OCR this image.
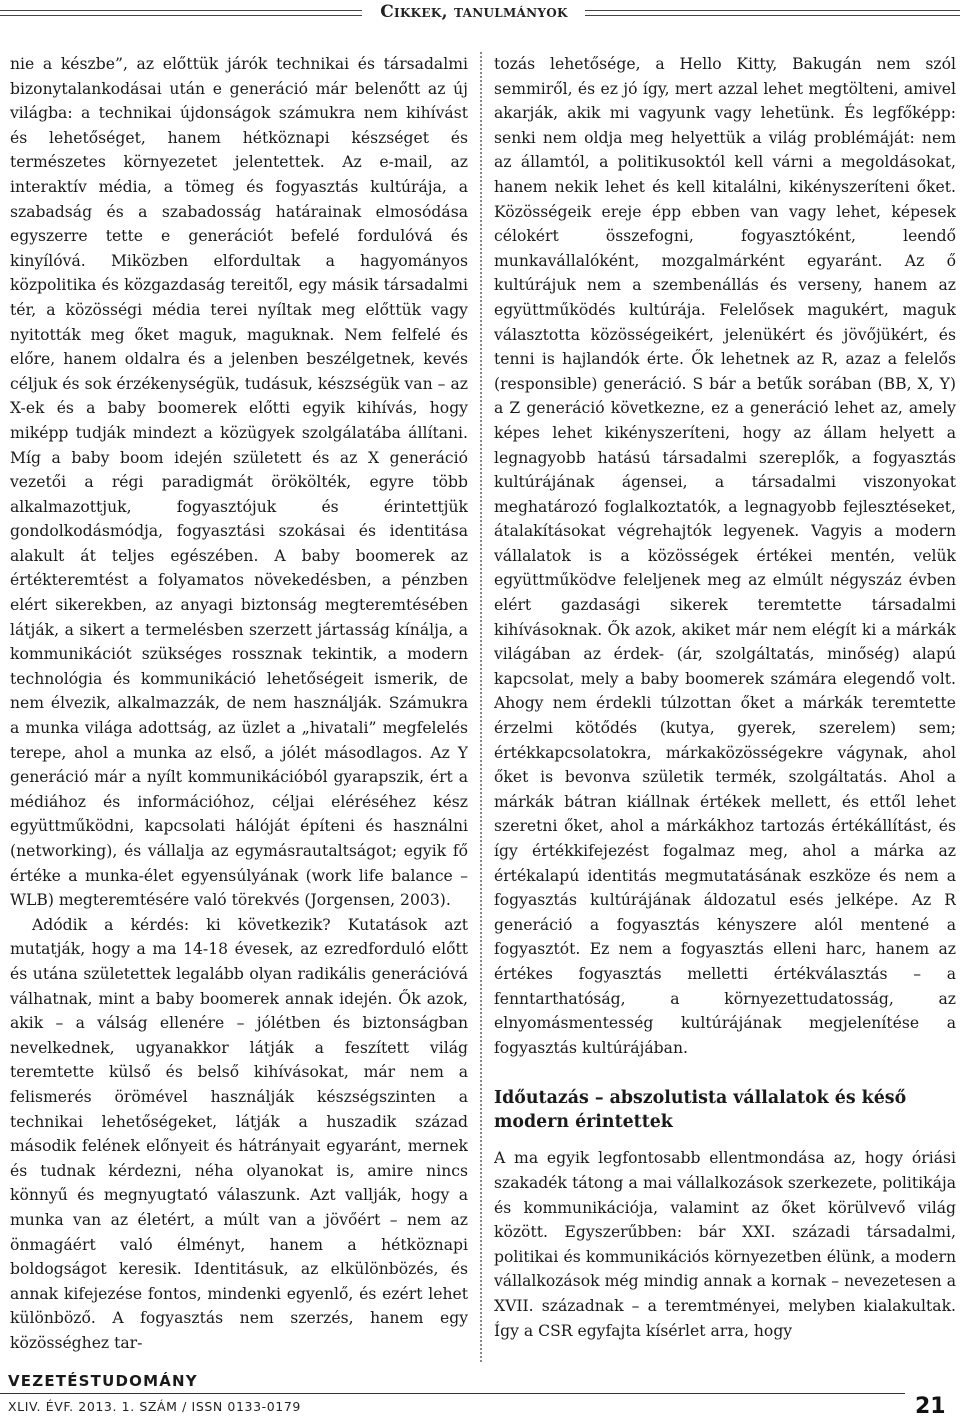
Cikkek, tanulmányok

nie a készbe”, az előttük járók technikai és társadalmi bizonytalankodásai után e generáció már belenőtt az új világba: a technikai újdonságok számukra nem kihívást és lehetőséget, hanem hétköznapi készséget és természetes környezetet jelentettek. Az e-mail, az interaktív média, a tömeg és fogyasztás kultúrája, a szabadság és a szabadosság határainak elmosódása egyszerre tette e generációt befelé fordulóvá és kinyílóvá. Miközben elfordultak a hagyományos közpolitika és közgazdaság tereitől, egy másik társadalmi tér, a közösségi média terei nyíltak meg előttük vagy nyitották meg őket maguk, maguknak. Nem felfelé és előre, hanem oldalra és a jelenben beszélgetnek, kevés céljuk és sok érzékenységük, tudásuk, készségük van – az X-ek és a baby boomerek előtti egyik kihívás, hogy miképp tudják mindezt a közügyek szolgálatába állítani. Míg a baby boom idején született és az X generáció vezetői a régi paradigmát örökölték, egyre több alkalmazottjuk, fogyasztójuk és érintettjük gondolkodásmódja, fogyasztási szokásai és identitása alakult át teljes egészében. A baby boomerek az értékteremtést a folyamatos növekedésben, a pénzben elért sikerekben, az anyagi biztonság megteremtésében látják, a sikert a termelésben szerzett jártasság kínálja, a kommunikációt szükséges rossznak tekintik, a modern technológia és kommunikáció lehetőségeit ismerik, de nem élvezik, alkalmazzák, de nem használják. Számukra a munka világa adottság, az üzlet a „hivatali” megfelelés terepe, ahol a munka az első, a jólét másodlagos. Az Y generáció már a nyílt kommunikációból gyarapszik, ért a médiához és információhoz, céljai eléréséhez kész együttműködni, kapcsolati hálóját építeni és használni (networking), és vállalja az egymásrautaltságot; egyik fő értéke a munka-élet egyensúlyának (work life balance – WLB) megteremtésére való törekvés (Jorgensen, 2003).

Adódik a kérdés: ki következik? Kutatások azt mutatják, hogy a ma 14-18 évesek, az ezredforduló előtt és utána születettek legalább olyan radikális generációvá válhatnak, mint a baby boomerek annak idején. Ők azok, akik – a válság ellenére – jólétben és biztonságban nevelkednek, ugyanakkor látják a feszített világ teremtette külső és belső kihívásokat, már nem a felismerés örömével használják készségszinten a technikai lehetőségeket, látják a huszadik század második felének előnyeit és hátrányait egyaránt, mernek és tudnak kérdezni, néha olyanokat is, amire nincs könnyű és megnyugtató válaszunk. Azt vallják, hogy a munka van az életért, a múlt van a jövőért – nem az önmagáért való élményt, hanem a hétköznapi boldogságot keresik. Identitásuk, az elkülönbözés, és annak kifejezése fontos, mindenki egyenlő, és ezért lehet különböző. A fogyasztás nem szerzés, hanem egy közösséghez tar-

tozás lehetősége, a Hello Kitty, Bakugán nem szól semmiről, és ez jó így, mert azzal lehet megtölteni, amivel akarják, akik mi vagyunk vagy lehetünk. És legfőképp: senki nem oldja meg helyettük a világ problémáját: nem az államtól, a politikusoktól kell várni a megoldásokat, hanem nekik lehet és kell kitalálni, kikényszeríteni őket. Közösségeik ereje épp ebben van vagy lehet, képesek célokért összefogni, fogyasztóként, leendő munkavállalóként, mozgalmárként egyaránt. Az ő kultúrájuk nem a szembenállás és verseny, hanem az együttműködés kultúrája. Felelősek magukért, maguk választotta közösségeikért, jelenükért és jövőjükért, és tenni is hajlandók érte. Ők lehetnek az R, azaz a felelős (responsible) generáció. S bár a betűk sorában (BB, X, Y) a Z generáció következne, ez a generáció lehet az, amely képes lehet kikényszeríteni, hogy az állam helyett a legnagyobb hatású társadalmi szereplők, a fogyasztás kultúrájának ágensei, a társadalmi viszonyokat meghatározó foglalkoztatók, a legnagyobb fejlesztéseket, átalakításokat végrehajtók legyenek. Vagyis a modern vállalatok is a közösségek értékei mentén, velük együttműködve feleljenek meg az elmúlt négyszáz évben elért gazdasági sikerek teremtette társadalmi kihívásoknak. Ők azok, akiket már nem elégít ki a márkák világában az érdek- (ár, szolgáltatás, minőség) alapú kapcsolat, mely a baby boomerek számára elegendő volt. Ahogy nem érdekli túlzottan őket a márkák teremtette érzelmi kötődés (kutya, gyerek, szerelem) sem; értékkapcsolatokra, márkaközösségekre vágynak, ahol őket is bevonva születik termék, szolgáltatás. Ahol a márkák bátran kiállnak értékek mellett, és ettől lehet szeretni őket, ahol a márkákhoz tartozás értékállítást, és így értékkifejezést fogalmaz meg, ahol a márka az értékalapú identitás megmutatásának eszköze és nem a fogyasztás kultúrájának áldozatul esés jelképe. Az R generáció a fogyasztás kényszere alól mentené a fogyasztót. Ez nem a fogyasztás elleni harc, hanem az értékes fogyasztás melletti értékválasztás – a fenntarthatóság, a környezettudatosság, az elnyomásmentesség kultúrájának megjelenítése a fogyasztás kultúrájában.

Időutazás – abszolutista vállalatok és késő modern érintettek

A ma egyik legfontosabb ellentmondása az, hogy óriási szakadék tátong a mai vállalkozások szerkezete, politikája és kommunikációja, valamint az őket körülvevő világ között. Egyszerűbben: bár XXI. századi társadalmi, politikai és kommunikációs környezetben élünk, a modern vállalkozások még mindig annak a kornak – nevezetesen a XVII. századnak – a teremtményei, melyben kialakultak. Így a CSR egyfajta kísérlet arra, hogy

VEZETÉSTUDOMÁNY
XLIV. ÉVF. 2013. 1. SZÁM / ISSN 0133-0179	21
